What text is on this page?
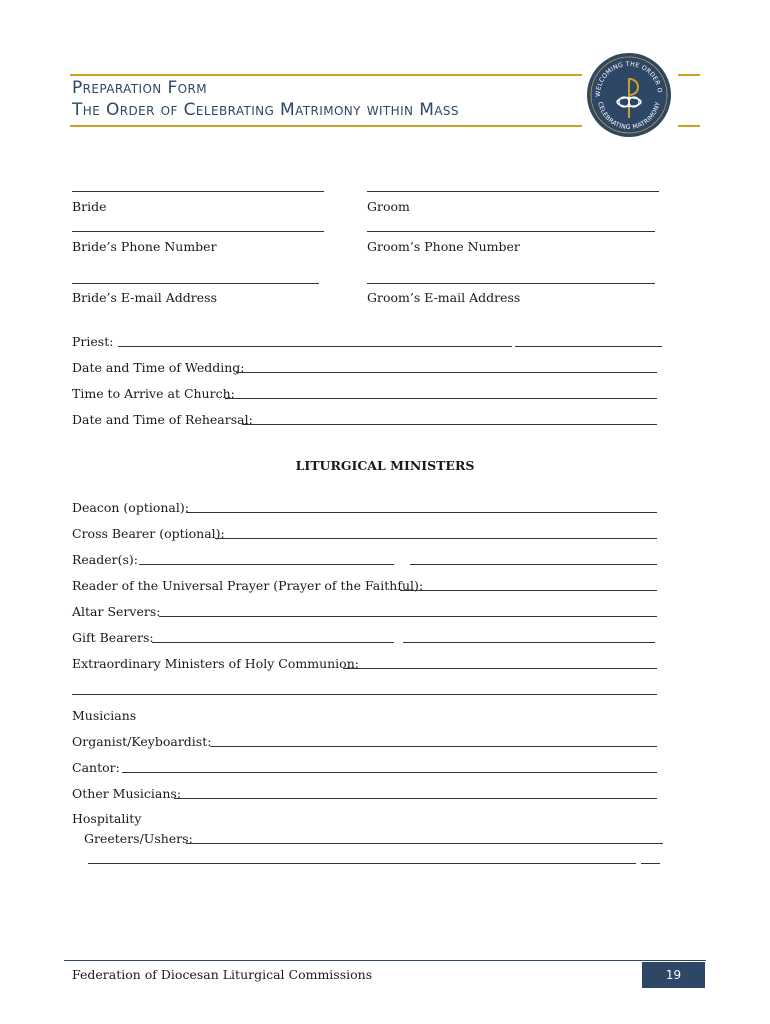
Preparation Form
The Order of Celebrating Matrimony within Mass
WELCOMING THE ORDER O
CELEBRATING MATRIMONY
Bride	Groom
Bride’s Phone Number	Groom’s Phone Number
Bride’s E-mail Address	Groom’s E-mail Address
Priest:
Date and Time of Wedding:
Time to Arrive at Church:
Date and Time of Rehearsal:
LITURGICAL MINISTERS
Deacon (optional):
Cross Bearer (optional):
Reader(s):
Reader of the Universal Prayer (Prayer of the Faithful):
Altar Servers:
Gift Bearers:
Extraordinary Ministers of Holy Communion:
Musicians
Organist/Keyboardist:
Cantor:
Other Musicians:
Hospitality
Greeters/Ushers:
Federation of Diocesan Liturgical Commissions	19
